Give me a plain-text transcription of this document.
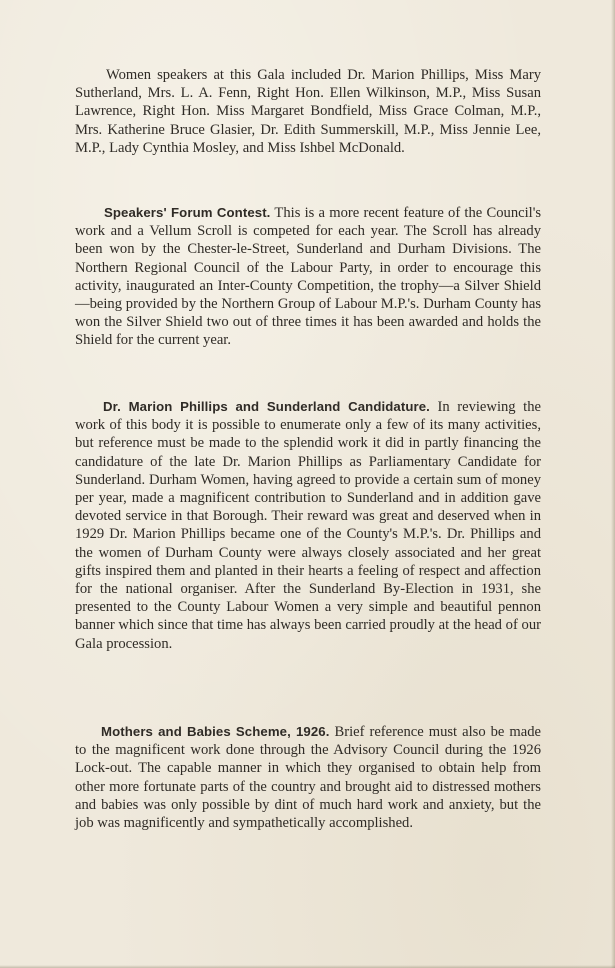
Women speakers at this Gala included Dr. Marion Phillips, Miss Mary Sutherland, Mrs. L. A. Fenn, Right Hon. Ellen Wilkinson, M.P., Miss Susan Lawrence, Right Hon. Miss Margaret Bondfield, Miss Grace Colman, M.P., Mrs. Katherine Bruce Glasier, Dr. Edith Summerskill, M.P., Miss Jennie Lee, M.P., Lady Cynthia Mosley, and Miss Ishbel McDonald.

Speakers' Forum Contest. This is a more recent feature of the Council's work and a Vellum Scroll is competed for each year. The Scroll has already been won by the Chester-le-Street, Sunderland and Durham Divisions. The Northern Regional Council of the Labour Party, in order to encourage this activity, inaugurated an Inter-County Competition, the trophy—a Silver Shield—being provided by the Northern Group of Labour M.P.'s. Durham County has won the Silver Shield two out of three times it has been awarded and holds the Shield for the current year.

Dr. Marion Phillips and Sunderland Candidature. In reviewing the work of this body it is possible to enumerate only a few of its many activities, but reference must be made to the splendid work it did in partly financing the candidature of the late Dr. Marion Phillips as Parliamentary Candidate for Sunderland. Durham Women, having agreed to provide a certain sum of money per year, made a magnificent contribution to Sunderland and in addition gave devoted service in that Borough. Their reward was great and deserved when in 1929 Dr. Marion Phillips became one of the County's M.P.'s. Dr. Phillips and the women of Durham County were always closely associated and her great gifts inspired them and planted in their hearts a feeling of respect and affection for the national organiser. After the Sunderland By-Election in 1931, she presented to the County Labour Women a very simple and beautiful pennon banner which since that time has always been carried proudly at the head of our Gala procession.

Mothers and Babies Scheme, 1926. Brief reference must also be made to the magnificent work done through the Advisory Council during the 1926 Lock-out. The capable manner in which they organised to obtain help from other more fortunate parts of the country and brought aid to distressed mothers and babies was only possible by dint of much hard work and anxiety, but the job was magnificently and sympathetically accomplished.
